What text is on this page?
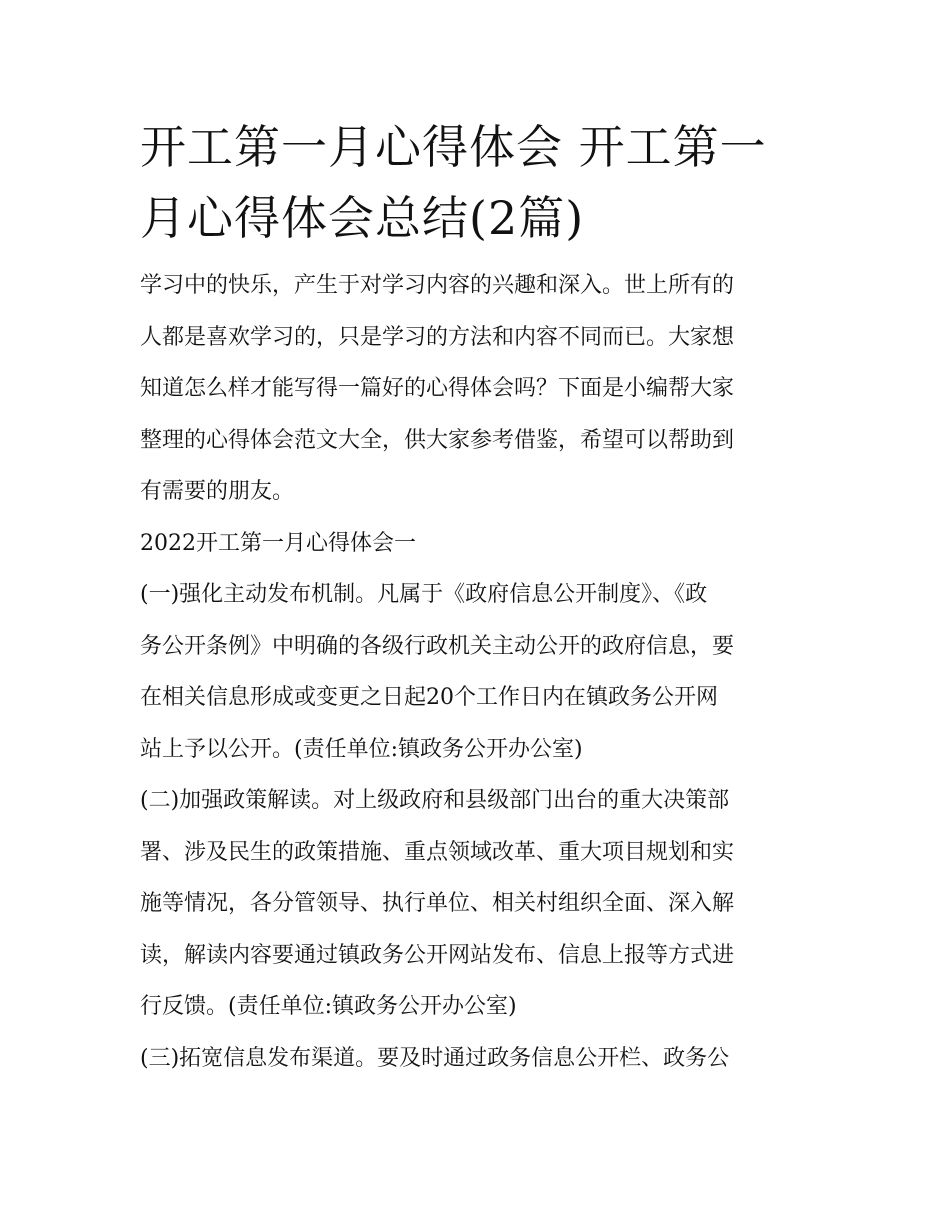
开工第一月心得体会 开工第一
月心得体会总结(2篇)

学习中的快乐，产生于对学习内容的兴趣和深入。世上所有的
人都是喜欢学习的，只是学习的方法和内容不同而已。大家想
知道怎么样才能写得一篇好的心得体会吗？下面是小编帮大家
整理的心得体会范文大全，供大家参考借鉴，希望可以帮助到
有需要的朋友。

2022开工第一月心得体会一

(一)强化主动发布机制。凡属于《政府信息公开制度》、《政
务公开条例》中明确的各级行政机关主动公开的政府信息，要
在相关信息形成或变更之日起20个工作日内在镇政务公开网
站上予以公开。(责任单位:镇政务公开办公室)

(二)加强政策解读。对上级政府和县级部门出台的重大决策部
署、涉及民生的政策措施、重点领域改革、重大项目规划和实
施等情况，各分管领导、执行单位、相关村组织全面、深入解
读，解读内容要通过镇政务公开网站发布、信息上报等方式进
行反馈。(责任单位:镇政务公开办公室)

(三)拓宽信息发布渠道。要及时通过政务信息公开栏、政务公
